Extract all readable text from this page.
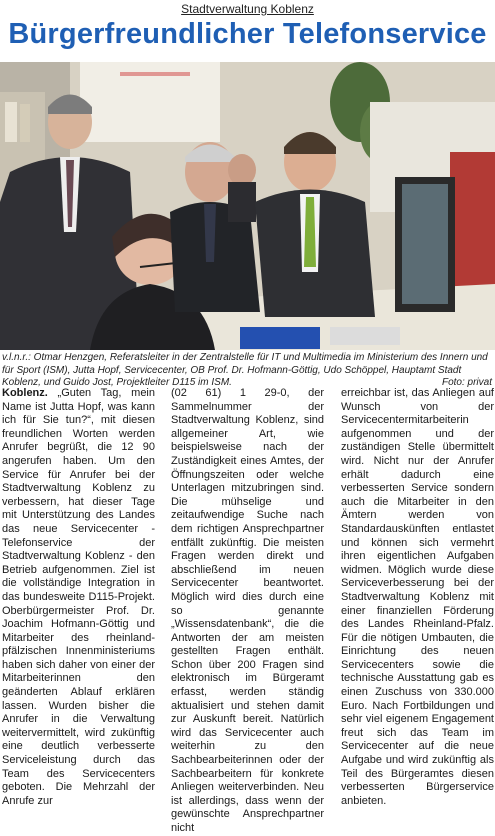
Stadtverwaltung Koblenz
Bürgerfreundlicher Telefonservice
v.l.n.r.: Otmar Henzgen, Referatsleiter in der Zentralstelle für IT und Multimedia im Ministerium des Innern und für Sport (ISM), Jutta Hopf, Servicecenter, OB Prof. Dr. Hofmann-Göttig, Udo Schöppel, Hauptamt Stadt Koblenz, und Guido Jost, Projektleiter D115 im ISM.	Foto: privat

Koblenz. „Guten Tag, mein Name ist Jutta Hopf, was kann ich für Sie tun?“, mit diesen freundlichen Worten werden Anrufer begrüßt, die 12 90 angerufen haben. Um den Service für Anrufer bei der Stadtverwaltung Koblenz zu verbessern, hat dieser Tage mit Unterstützung des Landes das neue Servicecenter - Telefonservice der Stadtverwaltung Koblenz - den Betrieb aufgenommen. Ziel ist die vollständige Integration in das bundesweite D115-Projekt. Oberbürgermeister Prof. Dr. Joachim Hofmann-Göttig und Mitarbeiter des rheinland-pfälzischen Innenministeriums haben sich daher von einer der Mitarbeiterinnen den geänderten Ablauf erklären lassen. Wurden bisher die Anrufer in die Verwaltung weitervermittelt, wird zukünftig eine deutlich verbesserte Serviceleistung durch das Team des Servicecenters geboten. Die Mehrzahl der Anrufe zur

(02 61) 1 29-0, der Sammelnummer der Stadtverwaltung Koblenz, sind allgemeiner Art, wie beispielsweise nach der Zuständigkeit eines Amtes, der Öffnungszeiten oder welche Unterlagen mitzubringen sind. Die mühselige und zeitaufwendige Suche nach dem richtigen Ansprechpartner entfällt zukünftig. Die meisten Fragen werden direkt und abschließend im neuen Servicecenter beantwortet. Möglich wird dies durch eine so genannte „Wissensdatenbank“, die die Antworten der am meisten gestellten Fragen enthält. Schon über 200 Fragen sind elektronisch im Bürgeramt erfasst, werden ständig aktualisiert und stehen damit zur Auskunft bereit. Natürlich wird das Servicecenter auch weiterhin zu den Sachbearbeiterinnen oder der Sachbearbeitern für konkrete Anliegen weiterverbinden. Neu ist allerdings, dass wenn der gewünschte Ansprechpartner nicht

erreichbar ist, das Anliegen auf Wunsch von der Servicecentermitarbeiterin aufgenommen und der zuständigen Stelle übermittelt wird. Nicht nur der Anrufer erhält dadurch eine verbesserten Service sondern auch die Mitarbeiter in den Ämtern werden von Standardauskünften entlastet und können sich vermehrt ihren eigentlichen Aufgaben widmen. Möglich wurde diese Serviceverbesserung bei der Stadtverwaltung Koblenz mit einer finanziellen Förderung des Landes Rheinland-Pfalz. Für die nötigen Umbauten, die Einrichtung des neuen Servicecenters sowie die technische Ausstattung gab es einen Zuschuss von 330.000 Euro. Nach Fortbildungen und sehr viel eigenem Engagement freut sich das Team im Servicecenter auf die neue Aufgabe und wird zukünftig als Teil des Bürgeramtes diesen verbesserten Bürgerservice anbieten.
